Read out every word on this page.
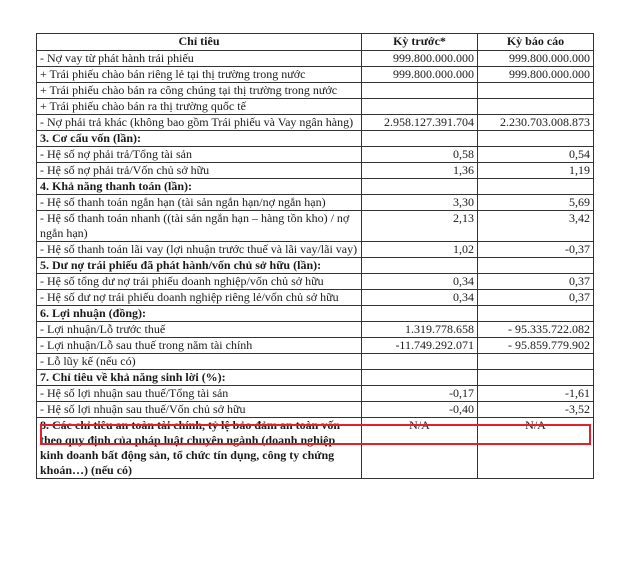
Chỉ tiêu	Kỳ trước*	Kỳ báo cáo
- Nợ vay từ phát hành trái phiếu	999.800.000.000	999.800.000.000
+ Trái phiếu chào bán riêng lẻ tại thị trường trong nước	999.800.000.000	999.800.000.000
+ Trái phiếu chào bán ra công chúng tại thị trường trong nước		
+ Trái phiếu chào bán ra thị trường quốc tế		
- Nợ phải trả khác (không bao gồm Trái phiếu và Vay ngân hàng)	2.958.127.391.704	2.230.703.008.873
3. Cơ cấu vốn (lần):		
- Hệ số nợ phải trả/Tổng tài sản	0,58	0,54
- Hệ số nợ phải trả/Vốn chủ sở hữu	1,36	1,19
4. Khả năng thanh toán (lần):		
- Hệ số thanh toán ngắn hạn (tài sản ngắn hạn/nợ ngắn hạn)	3,30	5,69
- Hệ số thanh toán nhanh ((tài sản ngắn hạn – hàng tồn kho) / nợ ngắn hạn)	2,13	3,42
- Hệ số thanh toán lãi vay (lợi nhuận trước thuế và lãi vay/lãi vay)	1,02	-0,37
5. Dư nợ trái phiếu đã phát hành/vốn chủ sở hữu (lần):		
- Hệ số tổng dư nợ trái phiếu doanh nghiệp/vốn chủ sở hữu	0,34	0,37
- Hệ số dư nợ trái phiếu doanh nghiệp riêng lẻ/vốn chủ sở hữu	0,34	0,37
6. Lợi nhuận (đồng):		
- Lợi nhuận/Lỗ trước thuế	1.319.778.658	- 95.335.722.082
- Lợi nhuận/Lỗ sau thuế trong năm tài chính	-11.749.292.071	- 95.859.779.902
- Lỗ lũy kế (nếu có)		
7. Chỉ tiêu về khả năng sinh lời (%):		
- Hệ số lợi nhuận sau thuế/Tổng tài sản	-0,17	-1,61
- Hệ số lợi nhuận sau thuế/Vốn chủ sở hữu	-0,40	-3,52
8. Các chỉ tiêu an toàn tài chính, tỷ lệ bảo đảm an toàn vốn theo quy định của pháp luật chuyên ngành (doanh nghiệp kinh doanh bất động sản, tổ chức tín dụng, công ty chứng khoán…) (nếu có)	N/A	N/A
